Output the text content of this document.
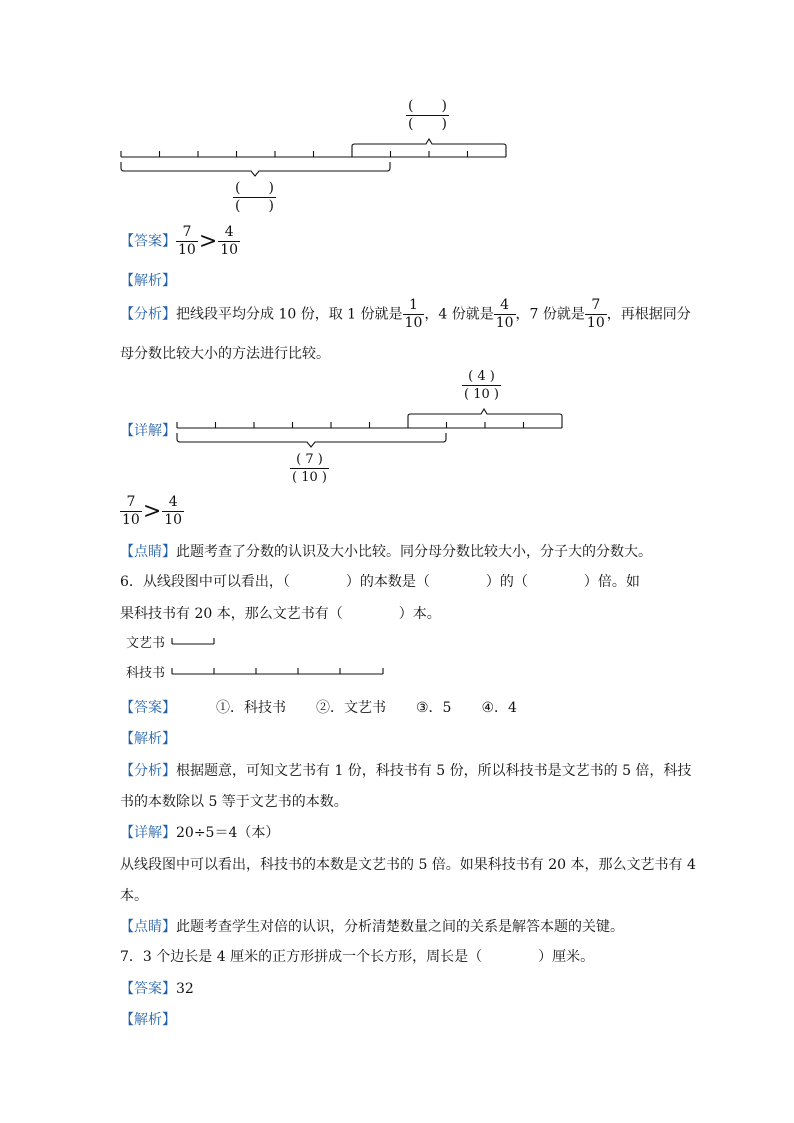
$\frac{( )}{( )}$
$\frac{( )}{( )}$
【答案】 $\frac{7}{10} > \frac{4}{10}$
【解析】
【分析】把线段平均分成 10 份，取 1 份就是 $\frac{1}{10}$ ，4 份就是 $\frac{4}{10}$ ，7 份就是 $\frac{7}{10}$ ，再根据同分
母分数比较大小的方法进行比较。
$\frac{( 4 )}{( 10 )}$
【详解】
$\frac{( 7 )}{( 10 )}$
$\frac{7}{10} > \frac{4}{10}$
【点睛】此题考查了分数的认识及大小比较。同分母分数比较大小，分子大的分数大。
6．从线段图中可以看出，（　　　　）的本数是（　　　　）的（　　　　）倍。如
果科技书有 20 本，那么文艺书有（　　　　）本。
文艺书
科技书
【答案】	①．科技书 ②．文艺书 ③．5 ④．4
【解析】
【分析】根据题意，可知文艺书有 1 份，科技书有 5 份，所以科技书是文艺书的 5 倍，科技
书的本数除以 5 等于文艺书的本数。
【详解】20÷5＝4（本）
从线段图中可以看出，科技书的本数是文艺书的 5 倍。如果科技书有 20 本，那么文艺书有 4
本。
【点睛】此题考查学生对倍的认识，分析清楚数量之间的关系是解答本题的关键。
7．3 个边长是 4 厘米的正方形拼成一个长方形，周长是（　　　　）厘米。
【答案】32
【解析】
